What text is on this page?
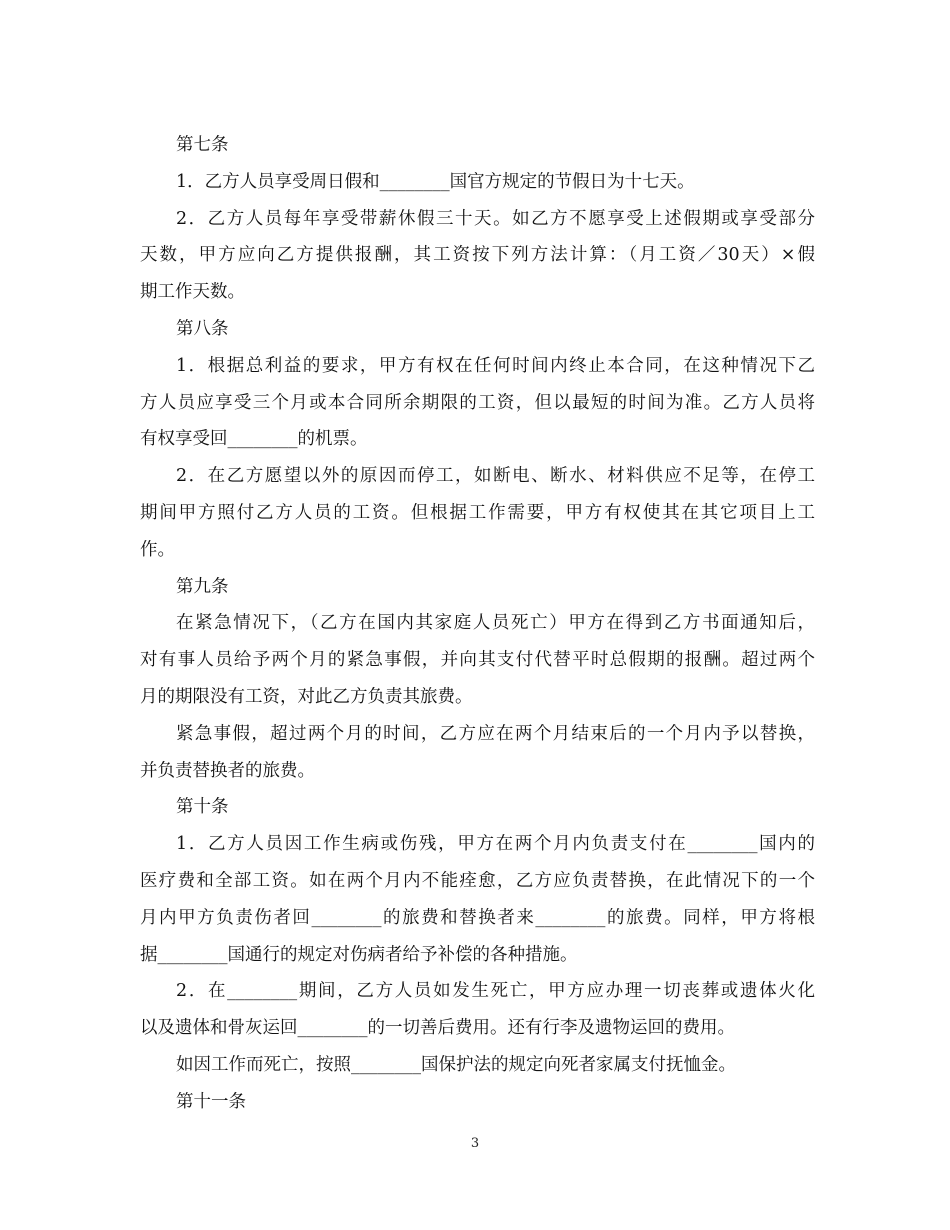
第七条
1．乙方人员享受周日假和________国官方规定的节假日为十七天。
2．乙方人员每年享受带薪休假三十天。如乙方不愿享受上述假期或享受部分
天数，甲方应向乙方提供报酬，其工资按下列方法计算：（月工资／30天）×假
期工作天数。
第八条
1．根据总利益的要求，甲方有权在任何时间内终止本合同，在这种情况下乙
方人员应享受三个月或本合同所余期限的工资，但以最短的时间为准。乙方人员将
有权享受回________的机票。
2．在乙方愿望以外的原因而停工，如断电、断水、材料供应不足等，在停工
期间甲方照付乙方人员的工资。但根据工作需要，甲方有权使其在其它项目上工
作。
第九条
在紧急情况下，（乙方在国内其家庭人员死亡）甲方在得到乙方书面通知后，
对有事人员给予两个月的紧急事假，并向其支付代替平时总假期的报酬。超过两个
月的期限没有工资，对此乙方负责其旅费。
紧急事假，超过两个月的时间，乙方应在两个月结束后的一个月内予以替换，
并负责替换者的旅费。
第十条
1．乙方人员因工作生病或伤残，甲方在两个月内负责支付在________国内的
医疗费和全部工资。如在两个月内不能痊愈，乙方应负责替换，在此情况下的一个
月内甲方负责伤者回________的旅费和替换者来________的旅费。同样，甲方将根
据________国通行的规定对伤病者给予补偿的各种措施。
2．在________期间，乙方人员如发生死亡，甲方应办理一切丧葬或遗体火化
以及遗体和骨灰运回________的一切善后费用。还有行李及遗物运回的费用。
如因工作而死亡，按照________国保护法的规定向死者家属支付抚恤金。
第十一条
3
